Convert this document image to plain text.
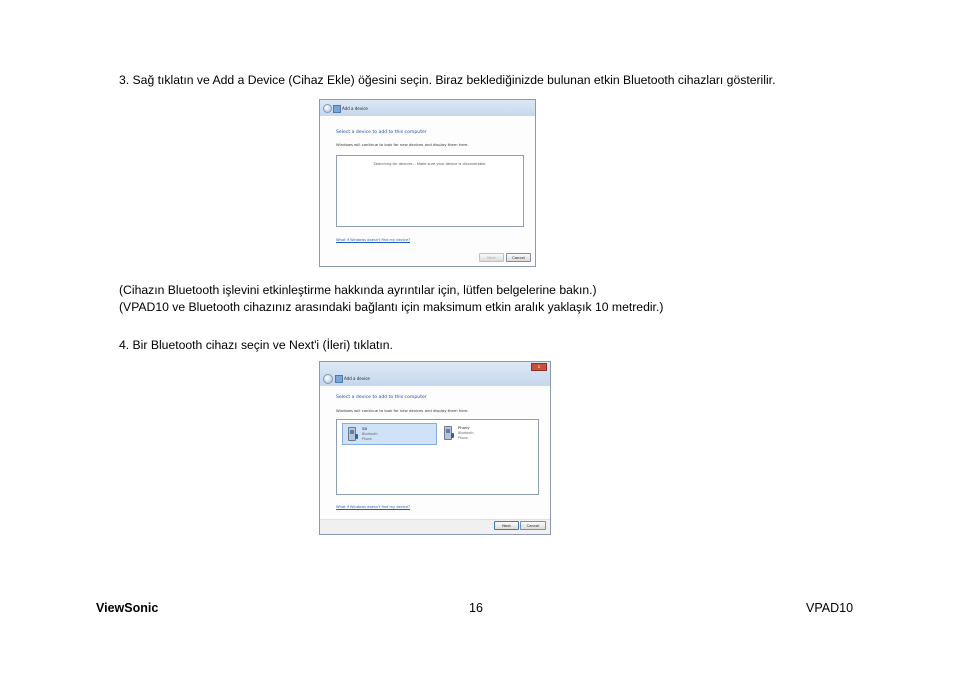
3. Sağ tıklatın ve Add a Device (Cihaz Ekle) öğesini seçin. Biraz beklediğinizde bulunan etkin Bluetooth cihazları gösterilir.
Add a device
Select a device to add to this computer
Windows will continue to look for new devices and display them here.
Searching for devices... Make sure your device is discoverable.
What if Windows doesn't find my device?
Next	Cancel
(Cihazın Bluetooth işlevini etkinleştirme hakkında ayrıntılar için, lütfen belgelerine bakın.)
(VPAD10 ve Bluetooth cihazınız arasındaki bağlantı için maksimum etkin aralık yaklaşık 10 metredir.)
4. Bir Bluetooth cihazı seçin ve Next'i (İleri) tıklatın.
x
Add a device
Select a device to add to this computer
Windows will continue to look for new devices and display them here.
SB
Bluetooth
Phone
Phony
Bluetooth
Phone
What if Windows doesn't find my device?
Next	Cancel
ViewSonic	16	VPAD10
